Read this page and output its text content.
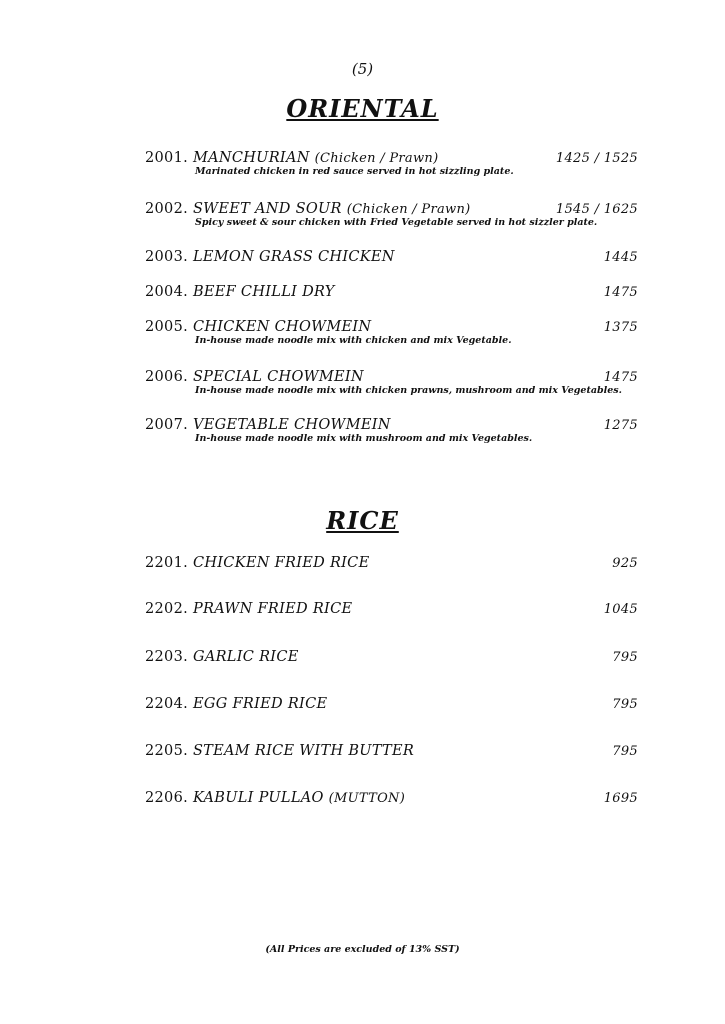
(5)
ORIENTAL
2001. MANCHURIAN (Chicken / Prawn)	1425 / 1525
Marinated chicken in red sauce served in hot sizzling plate.
2002. SWEET AND SOUR (Chicken / Prawn)	1545 / 1625
Spicy sweet & sour chicken with Fried Vegetable served in hot sizzler plate.
2003. LEMON GRASS CHICKEN	1445
2004. BEEF CHILLI DRY	1475
2005. CHICKEN CHOWMEIN	1375
In-house made noodle mix with chicken and mix Vegetable.
2006. SPECIAL CHOWMEIN	1475
In-house made noodle mix with chicken prawns, mushroom and mix Vegetables.
2007. VEGETABLE CHOWMEIN	1275
In-house made noodle mix with mushroom and mix Vegetables.
RICE
2201. CHICKEN FRIED RICE	925
2202. PRAWN FRIED RICE	1045
2203. GARLIC RICE	795
2204. EGG FRIED RICE	795
2205. STEAM RICE WITH BUTTER	795
2206. KABULI PULLAO (MUTTON)	1695
(All Prices are excluded of 13% SST)
